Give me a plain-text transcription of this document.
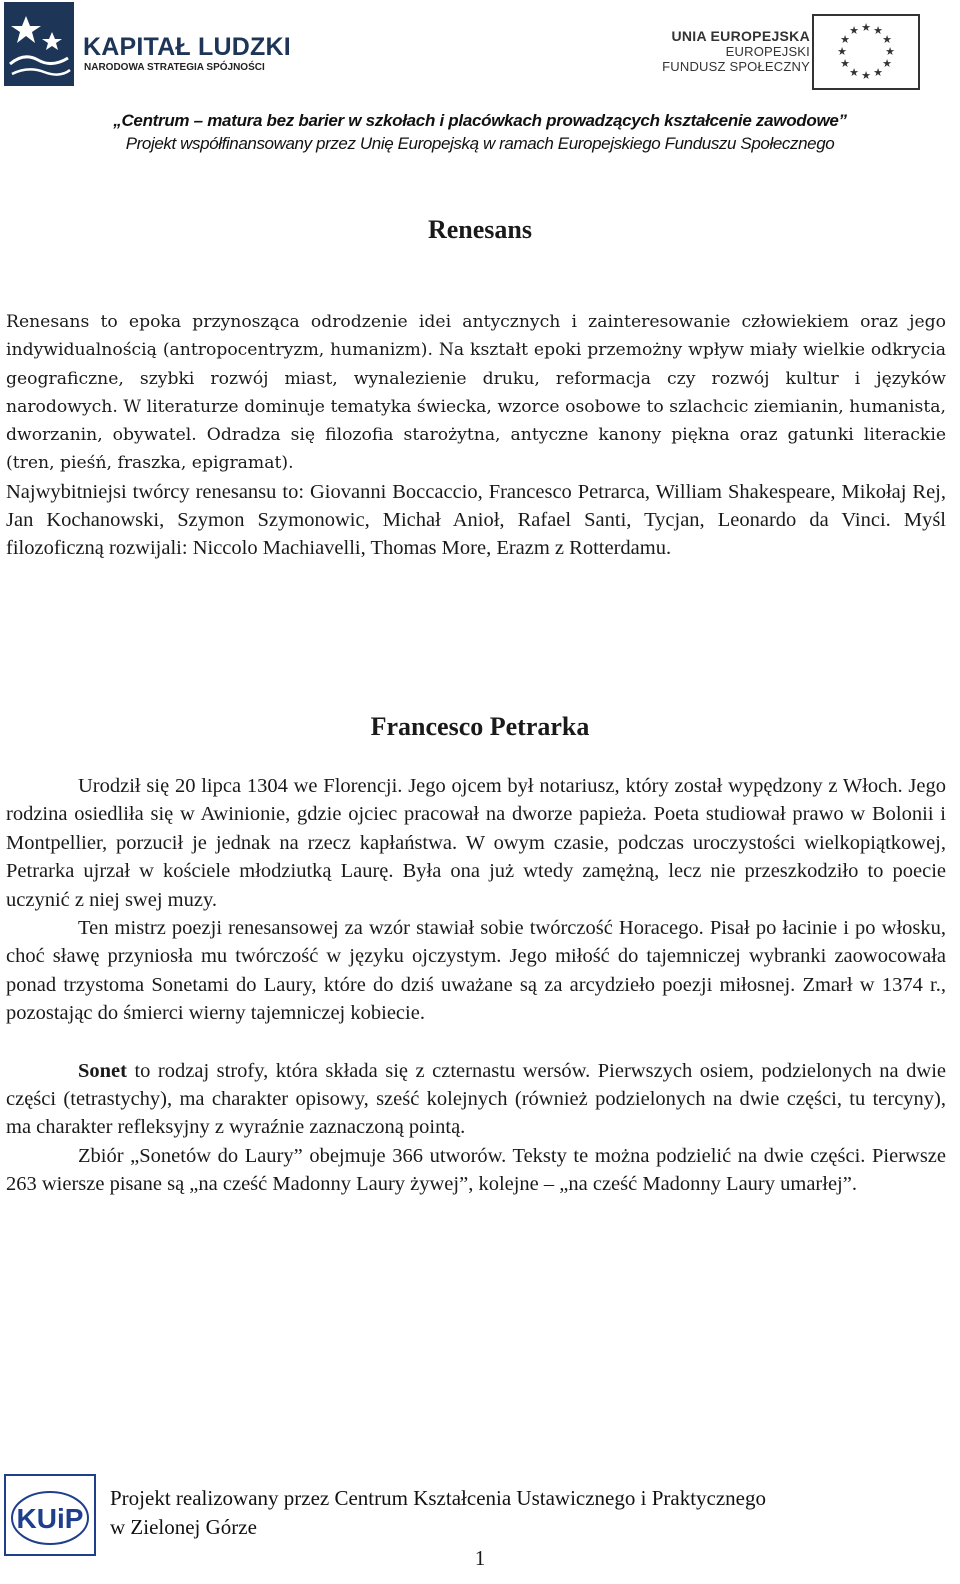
KAPITAŁ LUDZKI
NARODOWA STRATEGIA SPÓJNOŚCI
UNIA EUROPEJSKA
EUROPEJSKI
FUNDUSZ SPOŁECZNY
★ ★
★
★
★
★
★
★
★
★
★
★
„Centrum – matura bez barier w szkołach i placówkach prowadzących kształcenie zawodowe”
Projekt współfinansowany przez Unię Europejską w ramach Europejskiego Funduszu Społecznego
Renesans

Renesans to epoka przynosząca odrodzenie idei antycznych i zainteresowanie człowiekiem oraz jego indywidualnością (antropocentryzm, humanizm). Na kształt epoki przemożny wpływ miały wielkie odkrycia geograficzne, szybki rozwój miast, wynalezienie druku, reformacja czy rozwój kultur i języków narodowych. W literaturze dominuje tematyka świecka, wzorce osobowe to szlachcic ziemianin, humanista, dworzanin, obywatel. Odradza się filozofia starożytna, antyczne kanony piękna oraz gatunki literackie (tren, pieśń, fraszka, epigramat).

Najwybitniejsi twórcy renesansu to: Giovanni Boccaccio, Francesco Petrarca, William Shakespeare, Mikołaj Rej, Jan Kochanowski, Szymon Szymonowic, Michał Anioł, Rafael Santi, Tycjan, Leonardo da Vinci. Myśl filozoficzną rozwijali: Niccolo Machiavelli, Thomas More, Erazm z Rotterdamu.

Francesco Petrarka

Urodził się 20 lipca 1304 we Florencji. Jego ojcem był notariusz, który został wypędzony z Włoch. Jego rodzina osiedliła się w Awinionie, gdzie ojciec pracował na dworze papieża. Poeta studiował prawo w Bolonii i Montpellier, porzucił je jednak na rzecz kapłaństwa. W owym czasie, podczas uroczystości wielkopiątkowej, Petrarka ujrzał w kościele młodziutką Laurę. Była ona już wtedy zamężną, lecz nie przeszkodziło to poecie uczynić z niej swej muzy.

Ten mistrz poezji renesansowej za wzór stawiał sobie twórczość Horacego. Pisał po łacinie i po włosku, choć sławę przyniosła mu twórczość w języku ojczystym. Jego miłość do tajemniczej wybranki zaowocowała ponad trzystoma Sonetami do Laury, które do dziś uważane są za arcydzieło poezji miłosnej. Zmarł w 1374 r., pozostając do śmierci wierny tajemniczej kobiecie.

Sonet to rodzaj strofy, która składa się z czternastu wersów. Pierwszych osiem, podzielonych na dwie części (tetrastychy), ma charakter opisowy, sześć kolejnych (również podzielonych na dwie części, tu tercyny), ma charakter refleksyjny z wyraźnie zaznaczoną pointą.

Zbiór „Sonetów do Laury” obejmuje 366 utworów. Teksty te można podzielić na dwie części. Pierwsze 263 wiersze pisane są „na cześć Madonny Laury żywej”, kolejne – „na cześć Madonny Laury umarłej”.

KUiP
Projekt realizowany przez Centrum Kształcenia Ustawicznego i Praktycznego
w Zielonej Górze
1
